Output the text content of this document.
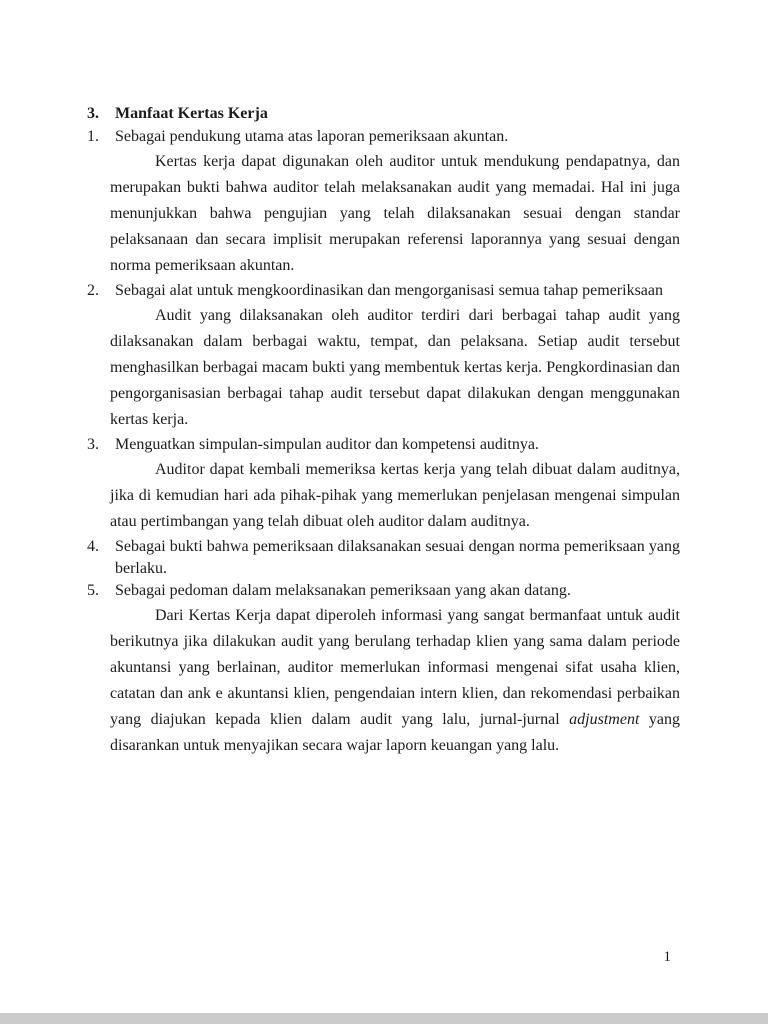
3. Manfaat Kertas Kerja
1. Sebagai pendukung utama atas laporan pemeriksaan akuntan.

Kertas kerja dapat digunakan oleh auditor untuk mendukung pendapatnya, dan merupakan bukti bahwa auditor telah melaksanakan audit yang memadai. Hal ini juga menunjukkan bahwa pengujian yang telah dilaksanakan sesuai dengan standar pelaksanaan dan secara implisit merupakan referensi laporannya yang sesuai dengan norma pemeriksaan akuntan.

2. Sebagai alat untuk mengkoordinasikan dan mengorganisasi semua tahap pemeriksaan

Audit yang dilaksanakan oleh auditor terdiri dari berbagai tahap audit yang dilaksanakan dalam berbagai waktu, tempat, dan pelaksana. Setiap audit tersebut menghasilkan berbagai macam bukti yang membentuk kertas kerja. Pengkordinasian dan pengorganisasian berbagai tahap audit tersebut dapat dilakukan dengan menggunakan kertas kerja.

3. Menguatkan simpulan-simpulan auditor dan kompetensi auditnya.

Auditor dapat kembali memeriksa kertas kerja yang telah dibuat dalam auditnya, jika di kemudian hari ada pihak-pihak yang memerlukan penjelasan mengenai simpulan atau pertimbangan yang telah dibuat oleh auditor dalam auditnya.

4. Sebagai bukti bahwa pemeriksaan dilaksanakan sesuai dengan norma pemeriksaan yang berlaku.
5. Sebagai pedoman dalam melaksanakan pemeriksaan yang akan datang.

Dari Kertas Kerja dapat diperoleh informasi yang sangat bermanfaat untuk audit berikutnya jika dilakukan audit yang berulang terhadap klien yang sama dalam periode akuntansi yang berlainan, auditor memerlukan informasi mengenai sifat usaha klien, catatan dan ank e akuntansi klien, pengendaian intern klien, dan rekomendasi perbaikan yang diajukan kepada klien dalam audit yang lalu, jurnal-jurnal adjustment yang disarankan untuk menyajikan secara wajar laporn keuangan yang lalu.

1
